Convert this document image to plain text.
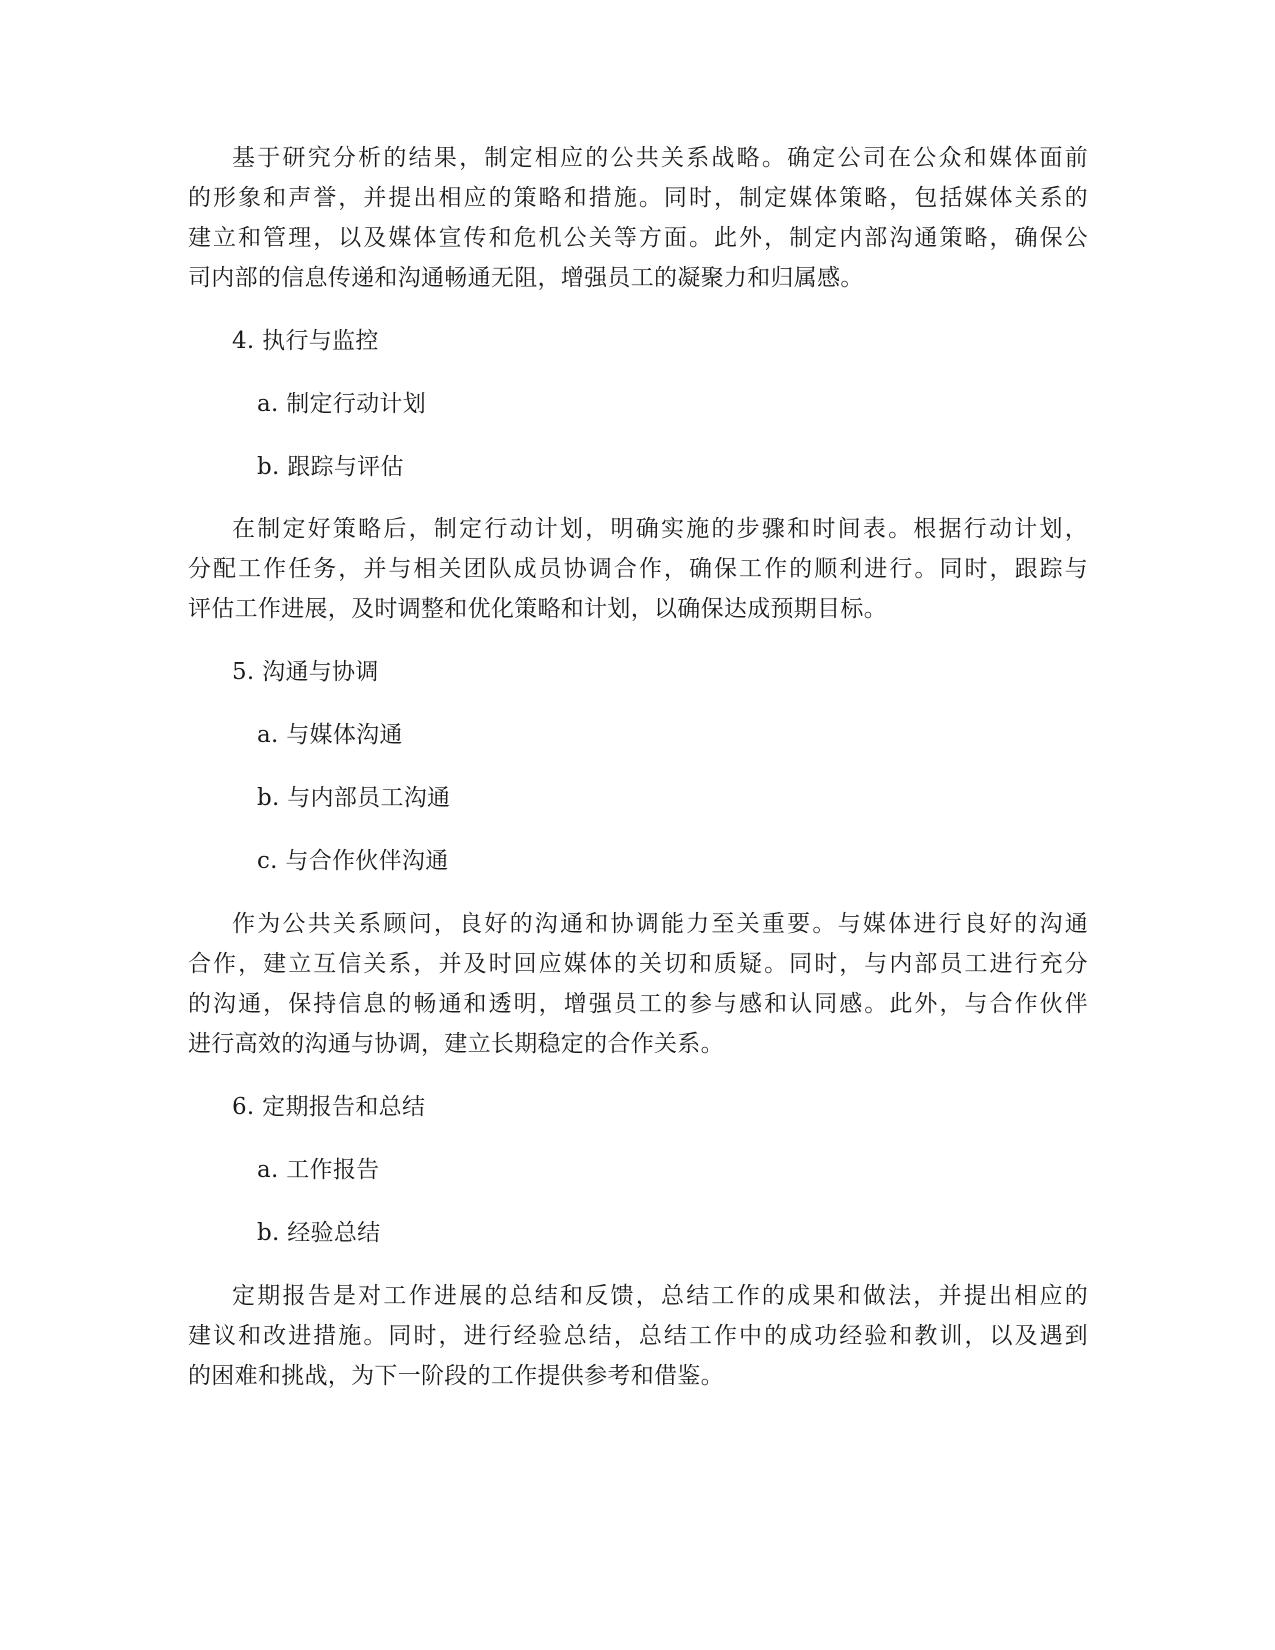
基于研究分析的结果，制定相应的公共关系战略。确定公司在公众和媒体面前
的形象和声誉，并提出相应的策略和措施。同时，制定媒体策略，包括媒体关系的
建立和管理，以及媒体宣传和危机公关等方面。此外，制定内部沟通策略，确保公
司内部的信息传递和沟通畅通无阻，增强员工的凝聚力和归属感。
4. 执行与监控
a. 制定行动计划
b. 跟踪与评估
在制定好策略后，制定行动计划，明确实施的步骤和时间表。根据行动计划，
分配工作任务，并与相关团队成员协调合作，确保工作的顺利进行。同时，跟踪与
评估工作进展，及时调整和优化策略和计划，以确保达成预期目标。
5. 沟通与协调
a. 与媒体沟通
b. 与内部员工沟通
c. 与合作伙伴沟通
作为公共关系顾问，良好的沟通和协调能力至关重要。与媒体进行良好的沟通
合作，建立互信关系，并及时回应媒体的关切和质疑。同时，与内部员工进行充分
的沟通，保持信息的畅通和透明，增强员工的参与感和认同感。此外，与合作伙伴
进行高效的沟通与协调，建立长期稳定的合作关系。
6. 定期报告和总结
a. 工作报告
b. 经验总结
定期报告是对工作进展的总结和反馈，总结工作的成果和做法，并提出相应的
建议和改进措施。同时，进行经验总结，总结工作中的成功经验和教训，以及遇到
的困难和挑战，为下一阶段的工作提供参考和借鉴。
